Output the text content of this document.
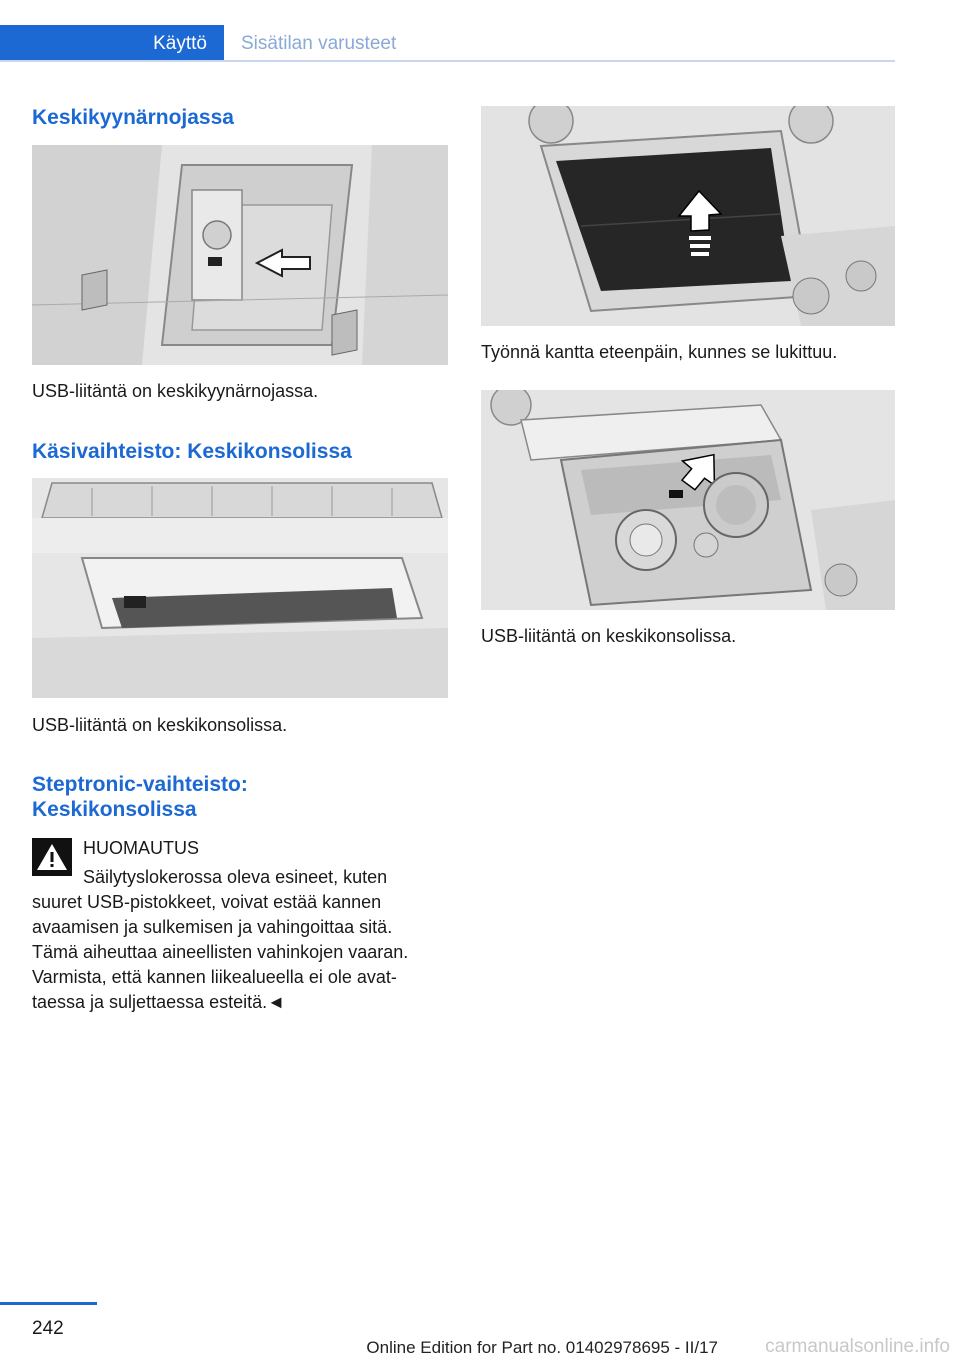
Käyttö Sisätilan varusteet
Keskikyynärnojassa

USB-liitäntä on keskikyynärnojassa.

Käsivaihteisto: Keskikonsolissa

USB-liitäntä on keskikonsolissa.

Steptronic-vaihteisto:
Keskikonsolissa
HUOMAUTUS
Säilytyslokerossa oleva esineet, kuten
suuret USB-pistokkeet, voivat estää kannen
avaamisen ja sulkemisen ja vahingoittaa sitä.
Tämä aiheuttaa aineellisten vahinkojen vaaran.
Varmista, että kannen liikealueella ei ole avat‐
taessa ja suljettaessa esteitä.◄

Työnnä kantta eteenpäin, kunnes se lukittuu.

USB-liitäntä on keskikonsolissa.

242
Online Edition for Part no. 01402978695 - II/17 carmanualsonline.info
